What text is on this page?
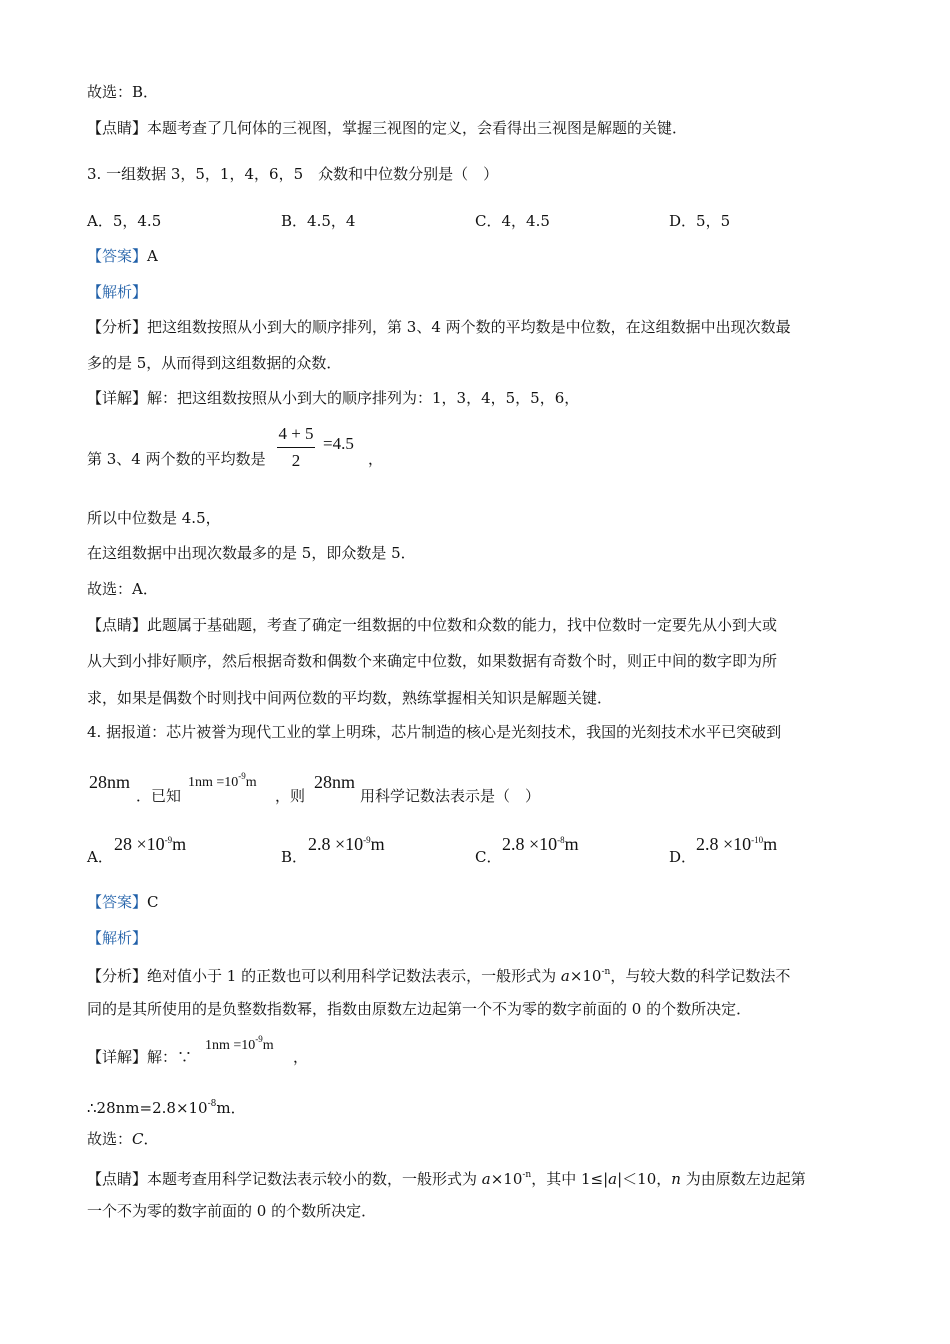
故选：B．
【点睛】本题考查了几何体的三视图，掌握三视图的定义，会看得出三视图是解题的关键．
3. 一组数据 3，5，1，4，6，5　众数和中位数分别是（　）
A．5，4.5	B．4.5，4	C．4，4.5	D．5，5
【答案】A
【解析】
【分析】把这组数按照从小到大的顺序排列，第 3、4 两个数的平均数是中位数，在这组数据中出现次数最
多的是 5，从而得到这组数据的众数．
【详解】解：把这组数按照从小到大的顺序排列为：1，3，4，5，5，6，
第 3、4 两个数的平均数是
4 + 5
2
=4.5
，
所以中位数是 4.5，
在这组数据中出现次数最多的是 5，即众数是 5．
故选：A．
【点睛】此题属于基础题，考查了确定一组数据的中位数和众数的能力，找中位数时一定要先从小到大或
从大到小排好顺序，然后根据奇数和偶数个来确定中位数，如果数据有奇数个时，则正中间的数字即为所
求，如果是偶数个时则找中间两位数的平均数，熟练掌握相关知识是解题关键．
4. 据报道：芯片被誉为现代工业的掌上明珠，芯片制造的核心是光刻技术，我国的光刻技术水平已突破到
28nm
．已知
$1nm =10^{-9}m$
，则
28nm
用科学记数法表示是（　）
A．
$28 \times 10^{-9}m$
B．
$2.8 \times 10^{-9}m$
C．
$2.8 \times 10^{-8}m$
D．
$2.8 \times 10^{-10}m$
【答案】C
【解析】
【分析】绝对值小于 1 的正数也可以利用科学记数法表示，一般形式为 $a\times 10^{-n}$，与较大数的科学记数法不
同的是其所使用的是负整数指数幂，指数由原数左边起第一个不为零的数字前面的 0 的个数所决定．
【详解】解：∵
$1nm =10^{-9}m$
，
$\therefore 28nm=2.8\times 10^{-8}m$．
故选：C．
【点睛】本题考查用科学记数法表示较小的数，一般形式为 $a\times 10^{-n}$，其中 1≤|a|＜10，n 为由原数左边起第
一个不为零的数字前面的 0 的个数所决定．
